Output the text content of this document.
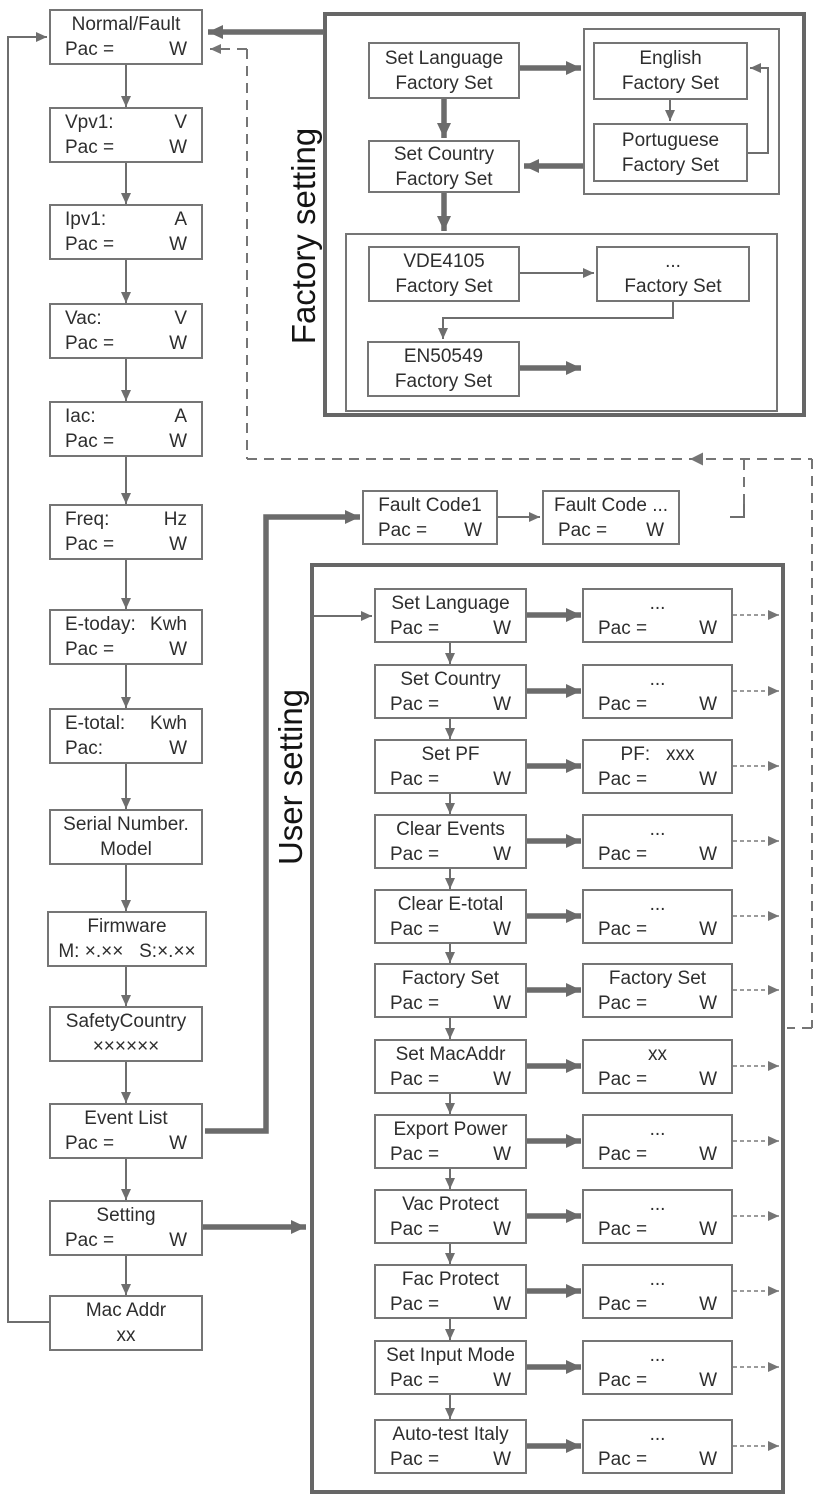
Normal/Fault
Pac =	W
Vpv1:	V
Pac =	W
Ipv1:	A
Pac =	W
Vac:	V
Pac =	W
Iac:	A
Pac =	W
Freq:	Hz
Pac =	W
E-today: Kwh
Pac =	W
E-total: Kwh
Pac:	W
Serial Number.
Model
Firmware
M: ×.××   S:×.××
SafetyCountry
××××××
Event List
Pac =	W
Setting
Pac =	W
Mac Addr
xx
Set Language
Factory Set
English
Factory Set
Portuguese
Factory Set
Set Country
Factory Set
VDE4105
Factory Set
...
Factory Set
EN50549
Factory Set
Fault Code1
Pac = W
Fault Code ...
Pac = W
Set Language
Pac =	W
...
Pac =	W
Set Country
Pac =	W
...
Pac =	W
Set PF
Pac =	W
PF:   xxx
Pac =	W
Clear Events
Pac =	W
...
Pac =	W
Clear E-total
Pac =	W
...
Pac =	W
Factory Set
Pac =	W
Factory Set
Pac =	W
Set MacAddr
Pac =	W
xx
Pac =	W
Export Power
Pac =	W
...
Pac =	W
Vac Protect
Pac =	W
...
Pac =	W
Fac Protect
Pac =	W
...
Pac =	W
Set Input Mode
Pac =	W
...
Pac =	W
Auto-test Italy
Pac =	W
...
Pac =	W
Factory setting
User setting
